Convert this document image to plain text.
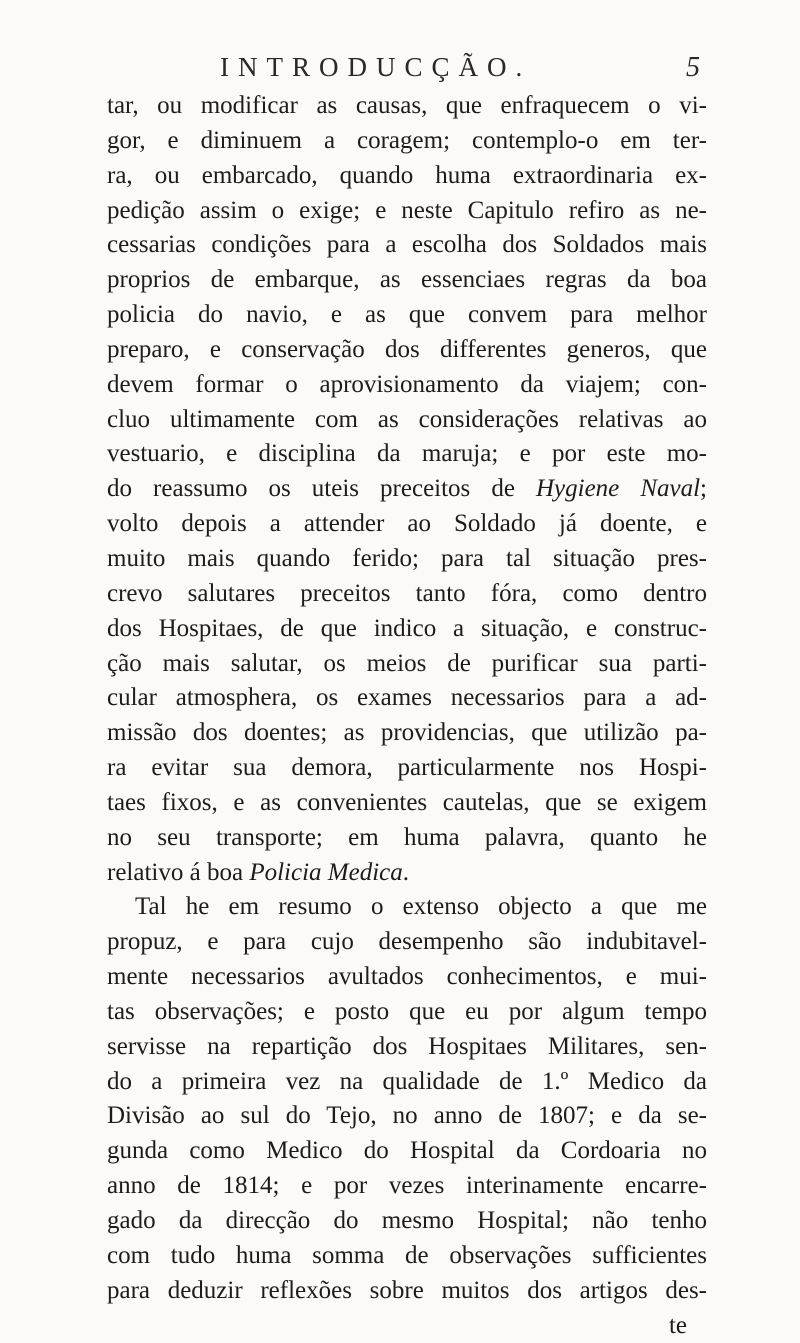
INTRODUCÇÃO.	5
tar, ou modificar as causas, que enfraquecem o vi-
gor, e diminuem a coragem; contemplo-o em ter-
ra, ou embarcado, quando huma extraordinaria ex-
pedição assim o exige; e neste Capitulo refiro as ne-
cessarias condições para a escolha dos Soldados mais
proprios de embarque, as essenciaes regras da boa
policia do navio, e as que convem para melhor
preparo, e conservação dos differentes generos, que
devem formar o aprovisionamento da viajem; con-
cluo ultimamente com as considerações relativas ao
vestuario, e disciplina da maruja; e por este mo-
do reassumo os uteis preceitos de Hygiene Naval;
volto depois a attender ao Soldado já doente, e
muito mais quando ferido; para tal situação pres-
crevo salutares preceitos tanto fóra, como dentro
dos Hospitaes, de que indico a situação, e construc-
ção mais salutar, os meios de purificar sua parti-
cular atmosphera, os exames necessarios para a ad-
missão dos doentes; as providencias, que utilizão pa-
ra evitar sua demora, particularmente nos Hospi-
taes fixos, e as convenientes cautelas, que se exigem
no seu transporte; em huma palavra, quanto he
relativo á boa Policia Medica.
Tal he em resumo o extenso objecto a que me
propuz, e para cujo desempenho são indubitavel-
mente necessarios avultados conhecimentos, e mui-
tas observações; e posto que eu por algum tempo
servisse na repartição dos Hospitaes Militares, sen-
do a primeira vez na qualidade de 1.º Medico da
Divisão ao sul do Tejo, no anno de 1807; e da se-
gunda como Medico do Hospital da Cordoaria no
anno de 1814; e por vezes interinamente encarre-
gado da direcção do mesmo Hospital; não tenho
com tudo huma somma de observações sufficientes
para deduzir reflexões sobre muitos dos artigos des-
te
